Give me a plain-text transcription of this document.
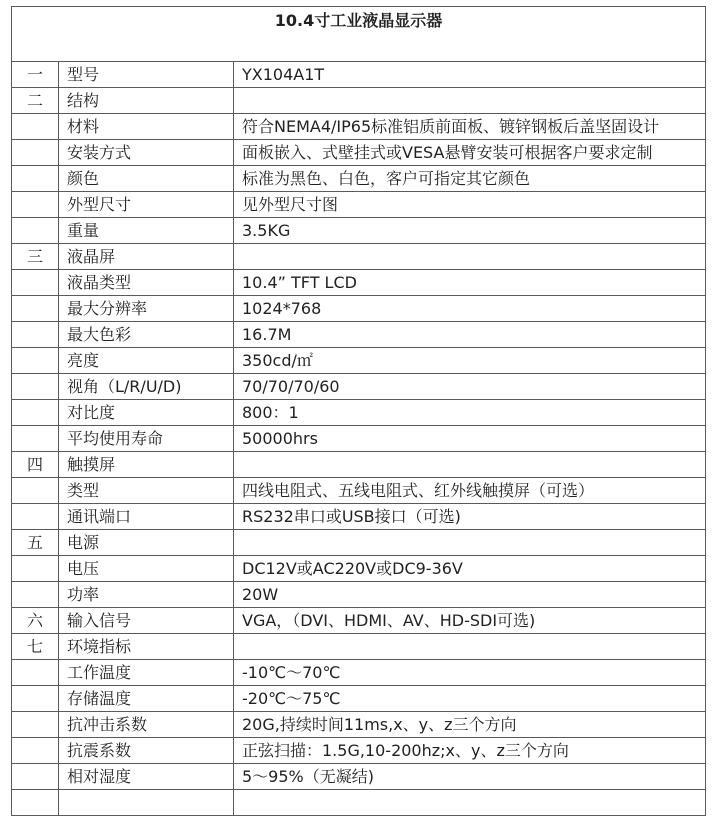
10.4寸工业液晶显示器		
一	型号	YX104A1T
二	结构	
	材料	符合NEMA4/IP65标准铝质前面板、镀锌钢板后盖坚固设计
	安装方式	面板嵌入、式壁挂式或VESA悬臂安装可根据客户要求定制
	颜色	标准为黑色、白色，客户可指定其它颜色
	外型尺寸	见外型尺寸图
	重量	3.5KG
三	液晶屏	
	液晶类型	10.4” TFT LCD
	最大分辨率	1024*768
	最大色彩	16.7M
	亮度	350cd/㎡
	视角（L/R/U/D)	70/70/70/60
	对比度	800：1
	平均使用寿命	50000hrs
四	触摸屏	
	类型	四线电阻式、五线电阻式、红外线触摸屏（可选）
	通讯端口	RS232串口或USB接口（可选)
五	电源	
	电压	DC12V或AC220V或DC9-36V
	功率	20W
六	输入信号	VGA，（DVI、HDMI、AV、HD-SDI可选)
七	环境指标	
	工作温度	-10℃～70℃
	存储温度	-20℃～75℃
	抗冲击系数	20G,持续时间11ms,x、y、z三个方向
	抗震系数	正弦扫描：1.5G,10-200hz;x、y、z三个方向
	相对湿度	5～95%（无凝结)
